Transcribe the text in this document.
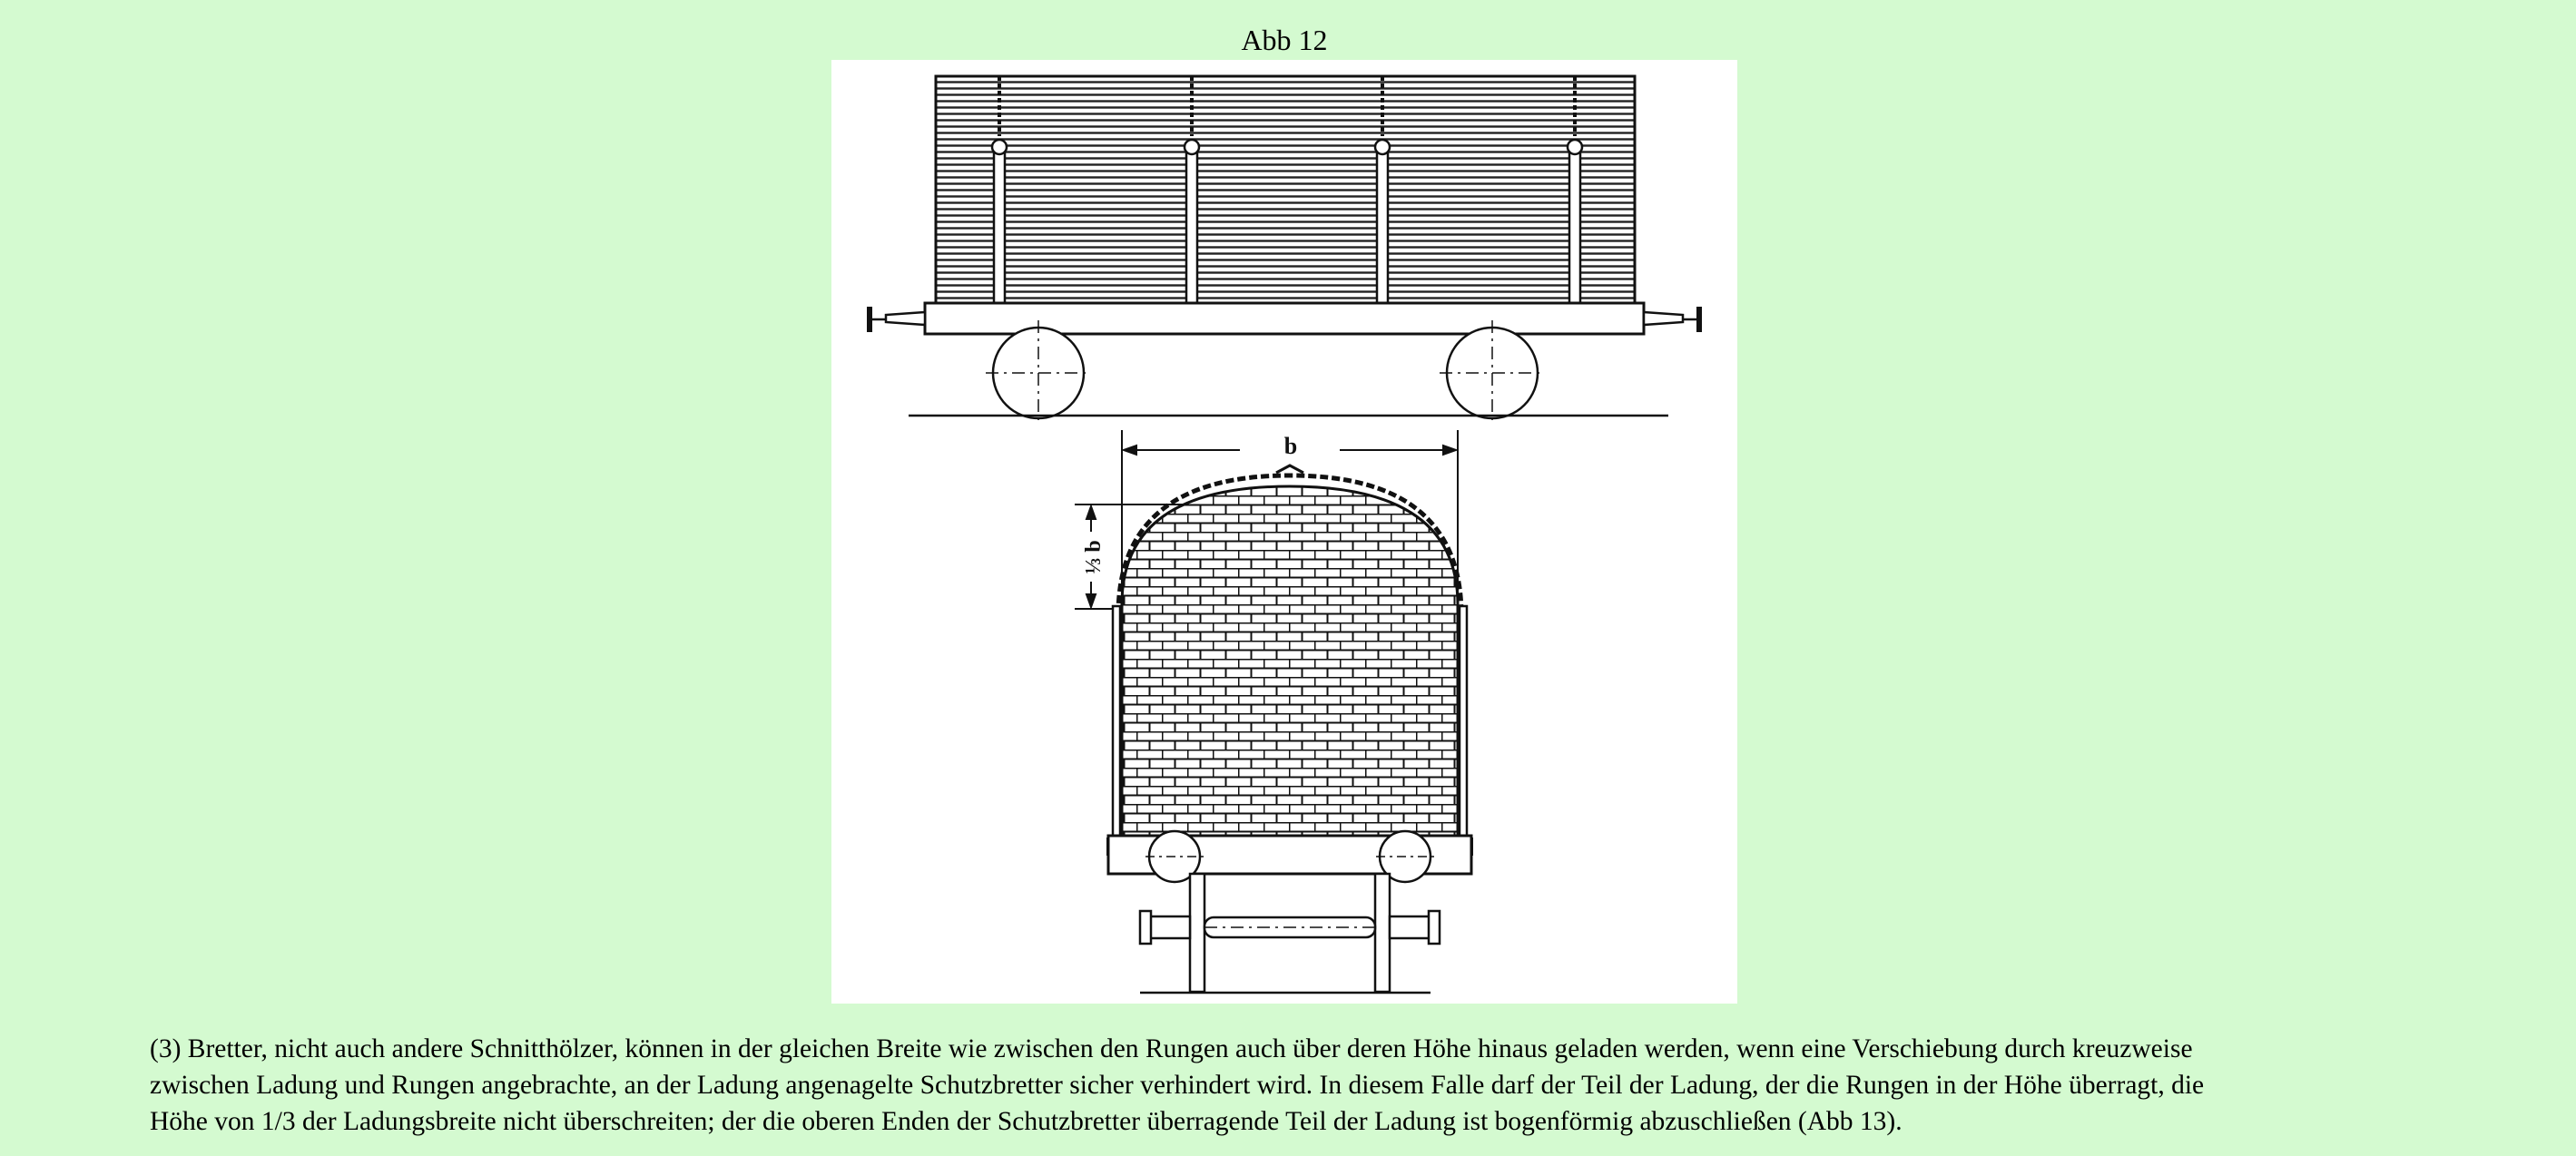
Abb 12
b
⅓ b
(3) Bretter, nicht auch andere Schnitthölzer, können in der gleichen Breite wie zwischen den Rungen auch über deren Höhe hinaus geladen werden, wenn eine Verschiebung durch kreuzweise
zwischen Ladung und Rungen angebrachte, an der Ladung angenagelte Schutzbretter sicher verhindert wird. In diesem Falle darf der Teil der Ladung, der die Rungen in der Höhe überragt, die
Höhe von 1/3 der Ladungsbreite nicht überschreiten; der die oberen Enden der Schutzbretter überragende Teil der Ladung ist bogenförmig abzuschließen (Abb 13).
